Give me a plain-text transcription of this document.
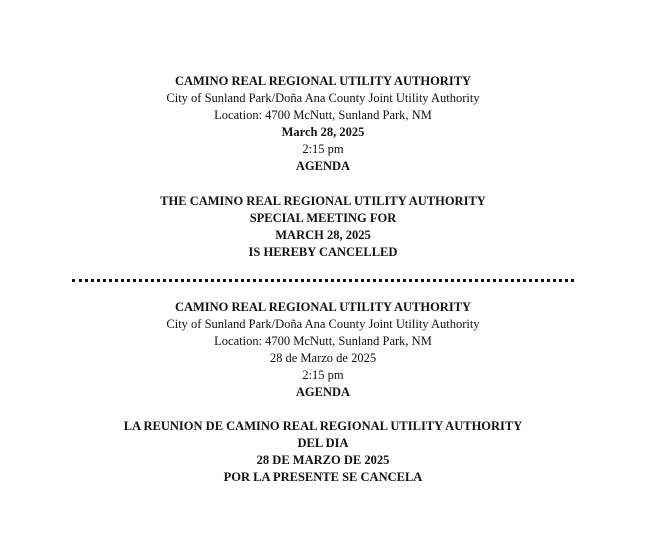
CAMINO REAL REGIONAL UTILITY AUTHORITY
City of Sunland Park/Doña Ana County Joint Utility Authority
Location: 4700 McNutt, Sunland Park, NM
March 28, 2025
2:15 pm
AGENDA
THE CAMINO REAL REGIONAL UTILITY AUTHORITY
SPECIAL MEETING FOR
MARCH 28, 2025
IS HEREBY CANCELLED
CAMINO REAL REGIONAL UTILITY AUTHORITY
City of Sunland Park/Doña Ana County Joint Utility Authority
Location: 4700 McNutt, Sunland Park, NM
28 de Marzo de 2025
2:15 pm
AGENDA
LA REUNION DE CAMINO REAL REGIONAL UTILITY AUTHORITY
DEL DIA
28 DE MARZO DE 2025
POR LA PRESENTE SE CANCELA
